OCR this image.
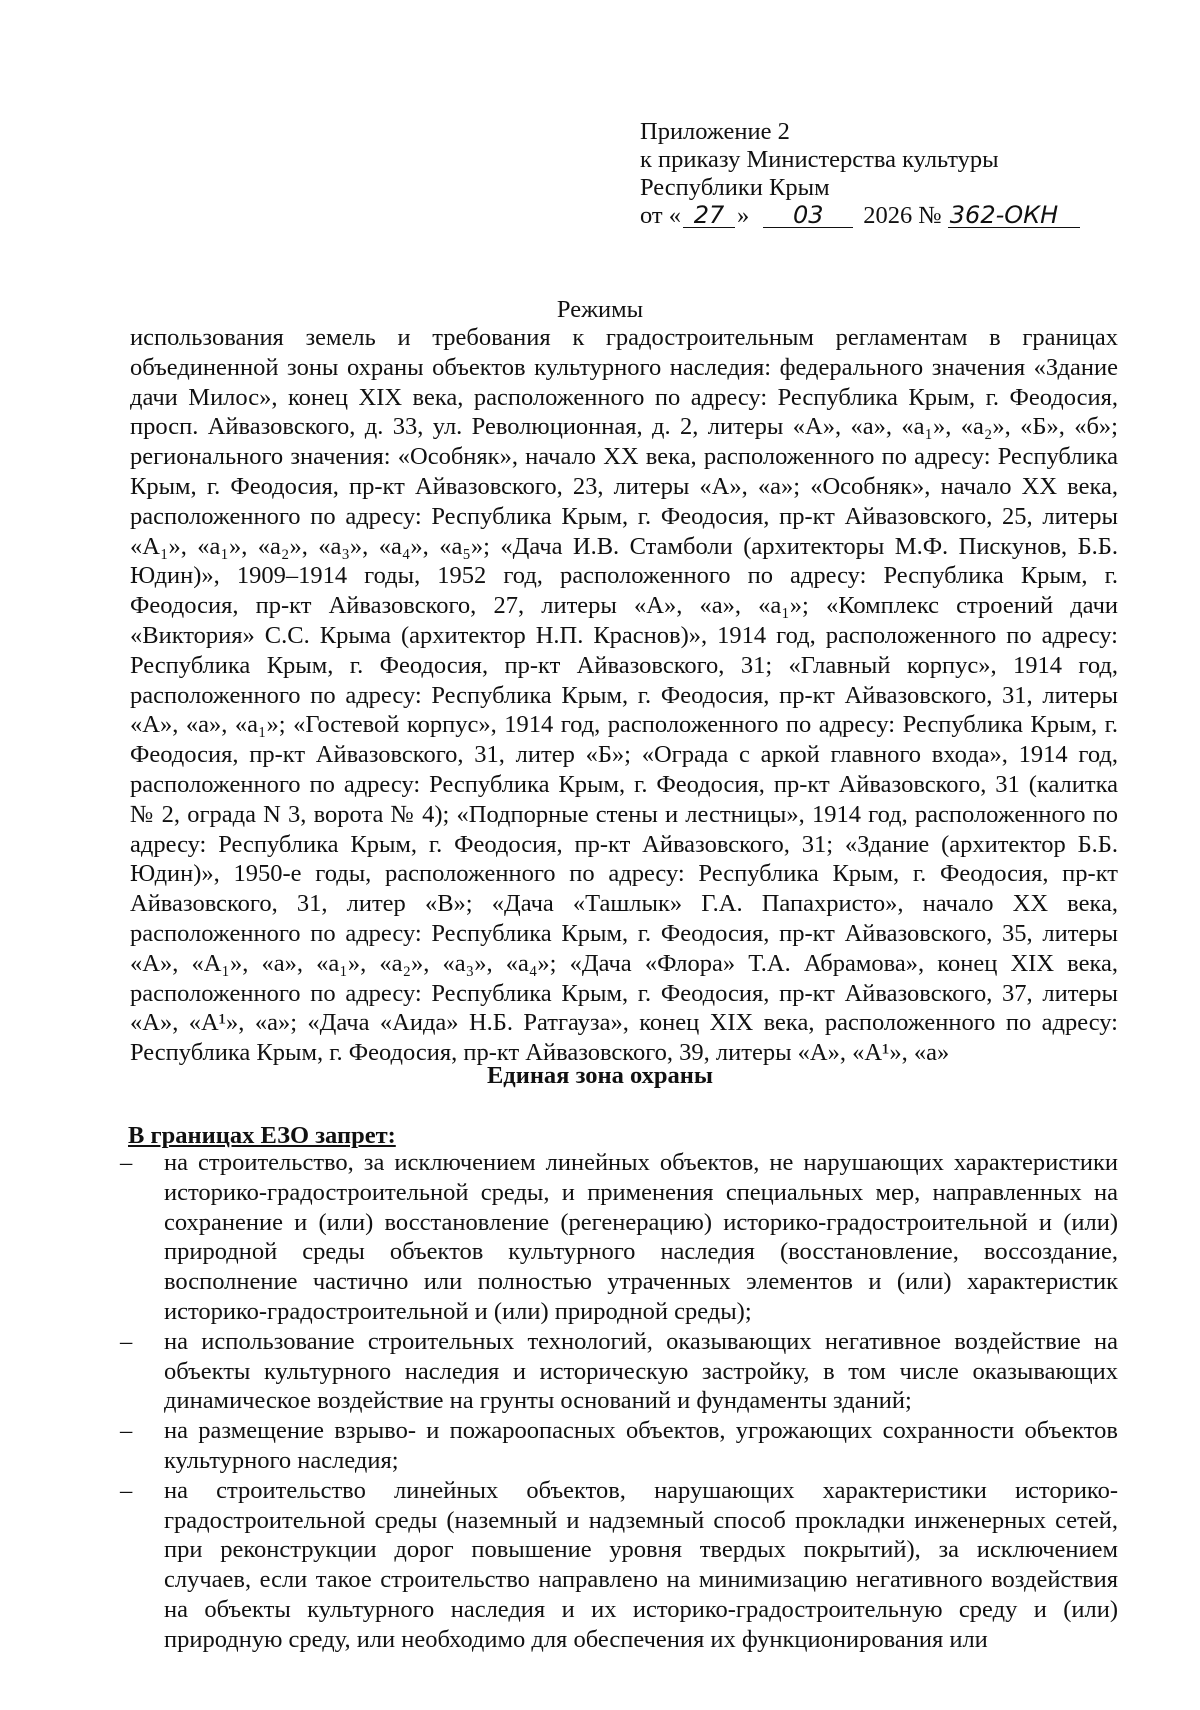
Приложение 2
к приказу Министерства культуры
Республики Крым
от « 27 »	03	2026 № 362-ОКН
Режимы

использования земель и требования к градостроительным регламентам в границах объединенной зоны охраны объектов культурного наследия: федерального значения «Здание дачи Милос», конец XIX века, расположенного по адресу: Республика Крым, г. Феодосия, просп. Айвазовского, д. 33, ул. Революционная, д. 2, литеры «А», «а», «а₁», «а₂», «Б», «б»; регионального значения: «Особняк», начало XX века, расположенного по адресу: Республика Крым, г. Феодосия, пр-кт Айвазовского, 23, литеры «А», «а»; «Особняк», начало XX века, расположенного по адресу: Республика Крым, г. Феодосия, пр-кт Айвазовского, 25, литеры «А₁», «а₁», «а₂», «а₃», «а₄», «а₅»; «Дача И.В. Стамболи (архитекторы М.Ф. Пискунов, Б.Б. Юдин)», 1909–1914 годы, 1952 год, расположенного по адресу: Республика Крым, г. Феодосия, пр-кт Айвазовского, 27, литеры «А», «а», «а₁»; «Комплекс строений дачи «Виктория» С.С. Крыма (архитектор Н.П. Краснов)», 1914 год, расположенного по адресу: Республика Крым, г. Феодосия, пр-кт Айвазовского, 31; «Главный корпус», 1914 год, расположенного по адресу: Республика Крым, г. Феодосия, пр-кт Айвазовского, 31, литеры «А», «а», «а₁»; «Гостевой корпус», 1914 год, расположенного по адресу: Республика Крым, г. Феодосия, пр-кт Айвазовского, 31, литер «Б»; «Ограда с аркой главного входа», 1914 год, расположенного по адресу: Республика Крым, г. Феодосия, пр-кт Айвазовского, 31 (калитка № 2, ограда N 3, ворота № 4); «Подпорные стены и лестницы», 1914 год, расположенного по адресу: Республика Крым, г. Феодосия, пр-кт Айвазовского, 31; «Здание (архитектор Б.Б. Юдин)», 1950-е годы, расположенного по адресу: Республика Крым, г. Феодосия, пр-кт Айвазовского, 31, литер «В»; «Дача «Ташлык» Г.А. Папахристо», начало XX века, расположенного по адресу: Республика Крым, г. Феодосия, пр-кт Айвазовского, 35, литеры «А», «А₁», «а», «а₁», «а₂», «а₃», «а₄»; «Дача «Флора» Т.А. Абрамова», конец XIX века, расположенного по адресу: Республика Крым, г. Феодосия, пр-кт Айвазовского, 37, литеры «А», «А¹», «а»; «Дача «Аида» Н.Б. Ратгауза», конец XIX века, расположенного по адресу: Республика Крым, г. Феодосия, пр-кт Айвазовского, 39, литеры «А», «А¹», «а»

Единая зона охраны
В границах ЕЗО запрет:
–	на строительство, за исключением линейных объектов, не нарушающих характеристики историко-градостроительной среды, и применения специальных мер, направленных на сохранение и (или) восстановление (регенерацию) историко-градостроительной и (или) природной среды объектов культурного наследия (восстановление, воссоздание, восполнение частично или полностью утраченных элементов и (или) характеристик историко-градостроительной и (или) природной среды);
–	на использование строительных технологий, оказывающих негативное воздействие на объекты культурного наследия и историческую застройку, в том числе оказывающих динамическое воздействие на грунты оснований и фундаменты зданий;
–	на размещение взрыво- и пожароопасных объектов, угрожающих сохранности объектов культурного наследия;
–	на строительство линейных объектов, нарушающих характеристики историко-градостроительной среды (наземный и надземный способ прокладки инженерных сетей, при реконструкции дорог повышение уровня твердых покрытий), за исключением случаев, если такое строительство направлено на минимизацию негативного воздействия на объекты культурного наследия и их историко-градостроительную среду и (или) природную среду, или необходимо для обеспечения их функционирования или
